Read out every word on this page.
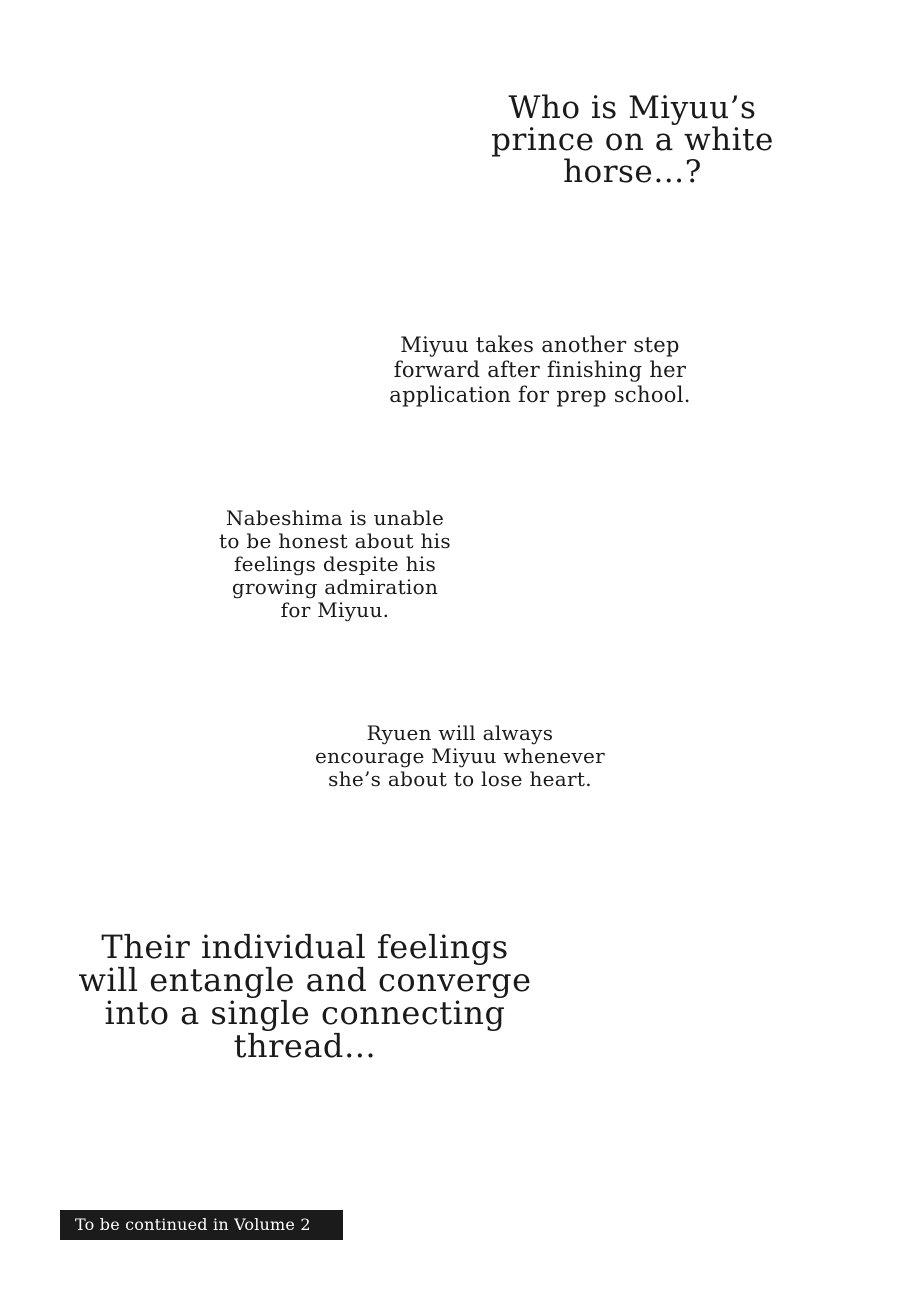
Who is Miyuu’s
prince on a white
horse…?

Miyuu takes another step
forward after finishing her
application for prep school.

Nabeshima is unable
to be honest about his
feelings despite his
growing admiration
for Miyuu.

Ryuen will always
encourage Miyuu whenever
she’s about to lose heart.

Their individual feelings
will entangle and converge
into a single connecting
thread…

To be continued in Volume 2
